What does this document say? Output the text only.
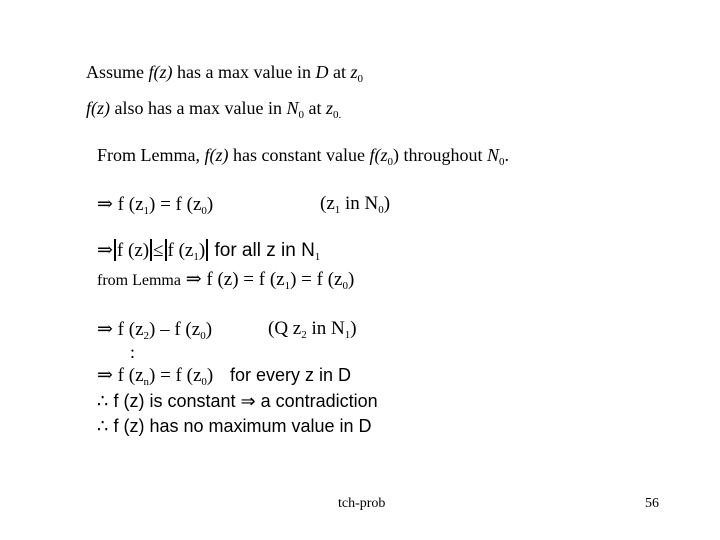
Assume f(z) has a max value in D at $z_0$
f(z) also has a max value in $N_0$ at $z_{0.}$
From Lemma, f(z) has constant value $f(z_0)$ throughout $N_0$.
⇒ f $(z_1) = f$ $(z_0)$	($z_1$ in $N_0$)
⇒ f (z) ≤ f $(z_1)$ for all z in $N_1$
from Lemma ⇒ f (z) = f $(z_1) = f$ $(z_0)$
⇒ f $(z_2)$ – f $(z_0)$	(Q $z_2$ in $N_1$)
:
⇒ f $(z_n) = f$ $(z_0)$ for every z in D
∴ f (z) is constant ⇒ a contradiction
∴ f (z) has no maximum value in D
tch-prob	56
